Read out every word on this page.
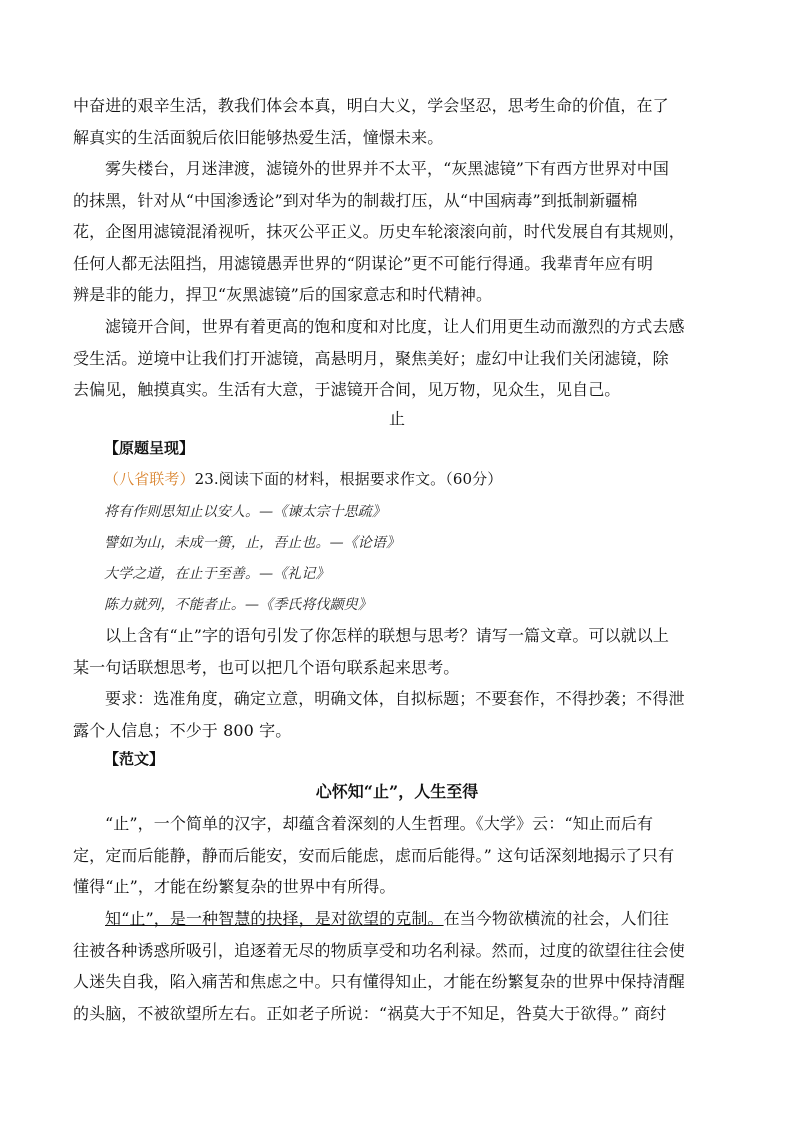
中奋进的艰辛生活，教我们体会本真，明白大义，学会坚忍，思考生命的价值，在了

解真实的生活面貌后依旧能够热爱生活，憧憬未来。

雾失楼台，月迷津渡，滤镜外的世界并不太平，“灰黑滤镜”下有西方世界对中国

的抹黑，针对从“中国渗透论”到对华为的制裁打压，从“中国病毒”到抵制新疆棉

花，企图用滤镜混淆视听，抹灭公平正义。历史车轮滚滚向前，时代发展自有其规则，

任何人都无法阻挡，用滤镜愚弄世界的“阴谋论”更不可能行得通。我辈青年应有明

辨是非的能力，捍卫“灰黑滤镜”后的国家意志和时代精神。

滤镜开合间，世界有着更高的饱和度和对比度，让人们用更生动而激烈的方式去感

受生活。逆境中让我们打开滤镜，高悬明月，聚焦美好；虚幻中让我们关闭滤镜，除

去偏见，触摸真实。生活有大意，于滤镜开合间，见万物，见众生，见自己。

止
【原题呈现】
（八省联考）23.阅读下面的材料，根据要求作文。（60分）

将有作则思知止以安人。—《谏太宗十思疏》

譬如为山，未成一篑，止，吾止也。—《论语》

大学之道，在止于至善。—《礼记》

陈力就列，不能者止。—《季氏将伐颛臾》

以上含有“止”字的语句引发了你怎样的联想与思考？请写一篇文章。可以就以上

某一句话联想思考，也可以把几个语句联系起来思考。

要求：选准角度，确定立意，明确文体，自拟标题；不要套作，不得抄袭；不得泄

露个人信息；不少于 800 字。

【范文】
心怀知“止”，人生至得

“止”，一个简单的汉字，却蕴含着深刻的人生哲理。《大学》云：“知止而后有

定，定而后能静，静而后能安，安而后能虑，虑而后能得。” 这句话深刻地揭示了只有

懂得“止”，才能在纷繁复杂的世界中有所得。

知“止”，是一种智慧的抉择，是对欲望的克制。在当今物欲横流的社会，人们往

往被各种诱惑所吸引，追逐着无尽的物质享受和功名利禄。然而，过度的欲望往往会使

人迷失自我，陷入痛苦和焦虑之中。只有懂得知止，才能在纷繁复杂的世界中保持清醒

的头脑，不被欲望所左右。正如老子所说：“祸莫大于不知足，咎莫大于欲得。” 商纣
